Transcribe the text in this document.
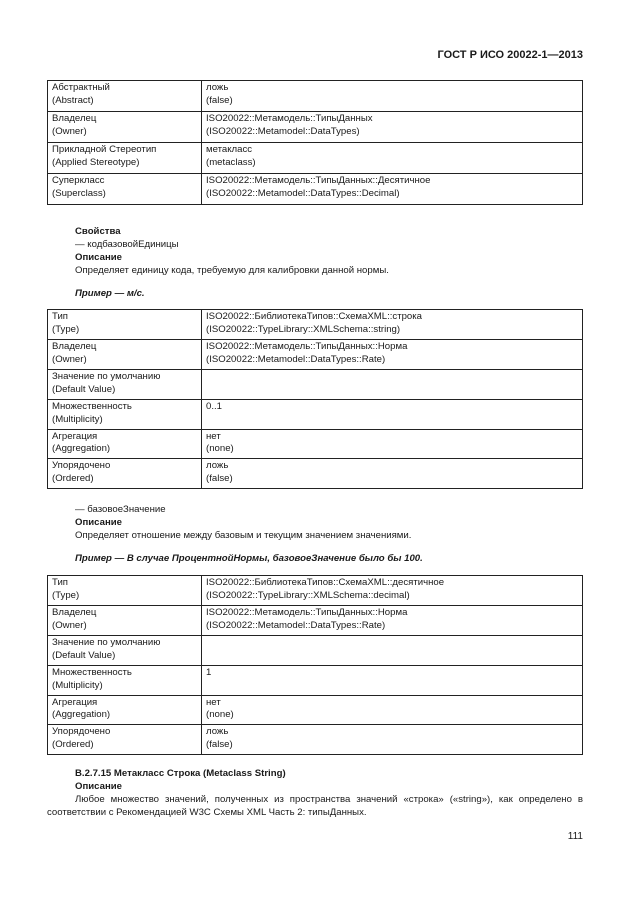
ГОСТ Р ИСО 20022-1—2013
Абстрактный
(Abstract)	ложь
(false)

Владелец
(Owner)	ISO20022::Метамодель::ТипыДанных
(ISO20022::Metamodel::DataTypes)

Прикладной Стереотип
(Applied Stereotype)	метакласс
(metaclass)

Суперкласс
(Superclass)	ISO20022::Метамодель::ТипыДанных::Десятичное
(ISO20022::Metamodel::DataTypes::Decimal)

Свойства

— кодбазовойЕдиницы

Описание

Определяет единицу кода, требуемую для калибровки данной нормы.

Пример — м/с.

Тип
(Type)	ISO20022::БиблиотекаТипов::СхемаXML::строка
(ISO20022::TypeLibrary::XMLSchema::string)

Владелец
(Owner)	ISO20022::Метамодель::ТипыДанных::Норма
(ISO20022::Metamodel::DataTypes::Rate)

Значение по умолчанию
(Default Value)	

Множественность
(Multiplicity)	0..1

Агрегация
(Aggregation)	нет
(none)

Упорядочено
(Ordered)	ложь
(false)

— базовоеЗначение

Описание

Определяет отношение между базовым и текущим значением значениями.

Пример — В случае ПроцентнойНормы, базовоеЗначение было бы 100.

Тип
(Type)	ISO20022::БиблиотекаТипов::СхемаXML::десятичное
(ISO20022::TypeLibrary::XMLSchema::decimal)

Владелец
(Owner)	ISO20022::Метамодель::ТипыДанных::Норма
(ISO20022::Metamodel::DataTypes::Rate)

Значение по умолчанию
(Default Value)	

Множественность
(Multiplicity)	1

Агрегация
(Aggregation)	нет
(none)

Упорядочено
(Ordered)	ложь
(false)

В.2.7.15 Метакласс Строка (Metaclass String)

Описание

Любое множество значений, полученных из пространства значений «строка» («string»), как определено в соответствии с Рекомендацией W3C Схемы XML Часть 2: типыДанных.

111
